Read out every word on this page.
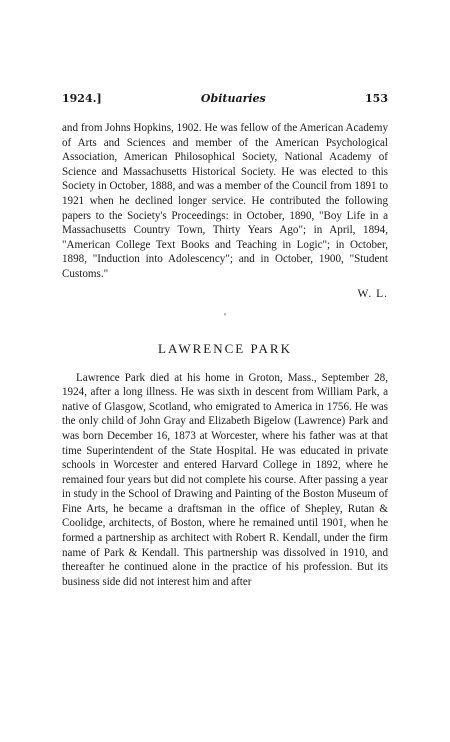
1924.]	Obituaries	153

and from Johns Hopkins, 1902. He was fellow of the American Academy of Arts and Sciences and member of the American Psychological Association, American Philosophical Society, National Academy of Science and Massachusetts Historical Society. He was elected to this Society in October, 1888, and was a member of the Council from 1891 to 1921 when he declined longer service. He contributed the following papers to the Society's Proceedings: in October, 1890, "Boy Life in a Massachusetts Country Town, Thirty Years Ago"; in April, 1894, "American College Text Books and Teaching in Logic"; in October, 1898, "Induction into Adolescency"; and in October, 1900, "Student Customs."

W. L.
'
LAWRENCE PARK

Lawrence Park died at his home in Groton, Mass., September 28, 1924, after a long illness. He was sixth in descent from William Park, a native of Glasgow, Scotland, who emigrated to America in 1756. He was the only child of John Gray and Elizabeth Bigelow (Lawrence) Park and was born December 16, 1873 at Worcester, where his father was at that time Superintendent of the State Hospital. He was educated in private schools in Worcester and entered Harvard College in 1892, where he remained four years but did not complete his course. After passing a year in study in the School of Drawing and Painting of the Boston Museum of Fine Arts, he became a draftsman in the office of Shepley, Rutan & Coolidge, architects, of Boston, where he remained until 1901, when he formed a partnership as architect with Robert R. Kendall, under the firm name of Park & Kendall. This partnership was dissolved in 1910, and thereafter he continued alone in the practice of his profession. But its business side did not interest him and after
